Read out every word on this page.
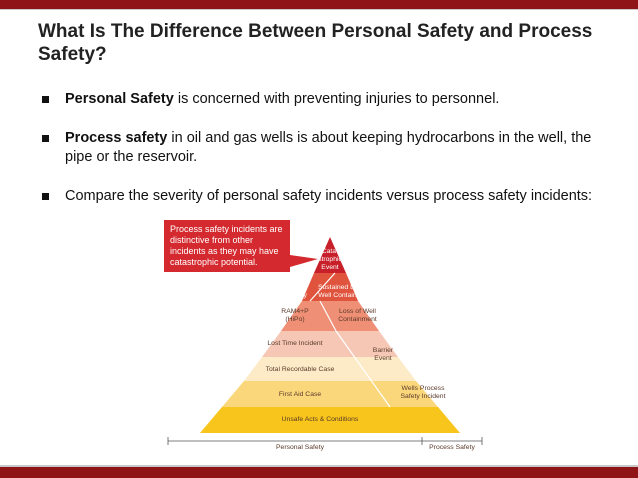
What Is The Difference Between Personal Safety and Process Safety?
Personal Safety is concerned with preventing injuries to personnel.
Process safety in oil and gas wells is about keeping hydrocarbons in the well, the pipe or the reservoir.
Compare the severity of personal safety incidents versus process safety incidents:
Process safety incidents are distinctive from other incidents as they may have catastrophic potential.
Cata-
strophic
Event
Fatality
Sustained Loss of
Well Containment
RAM4+P
(HiPo)
Loss of Well
Containment
Lost Time Incident
Barrier
Event
Total Recordable Case
Wells Process
Safety Incident
First Aid Case
Unsafe Acts & Conditions
Personal Safety	Process Safety
